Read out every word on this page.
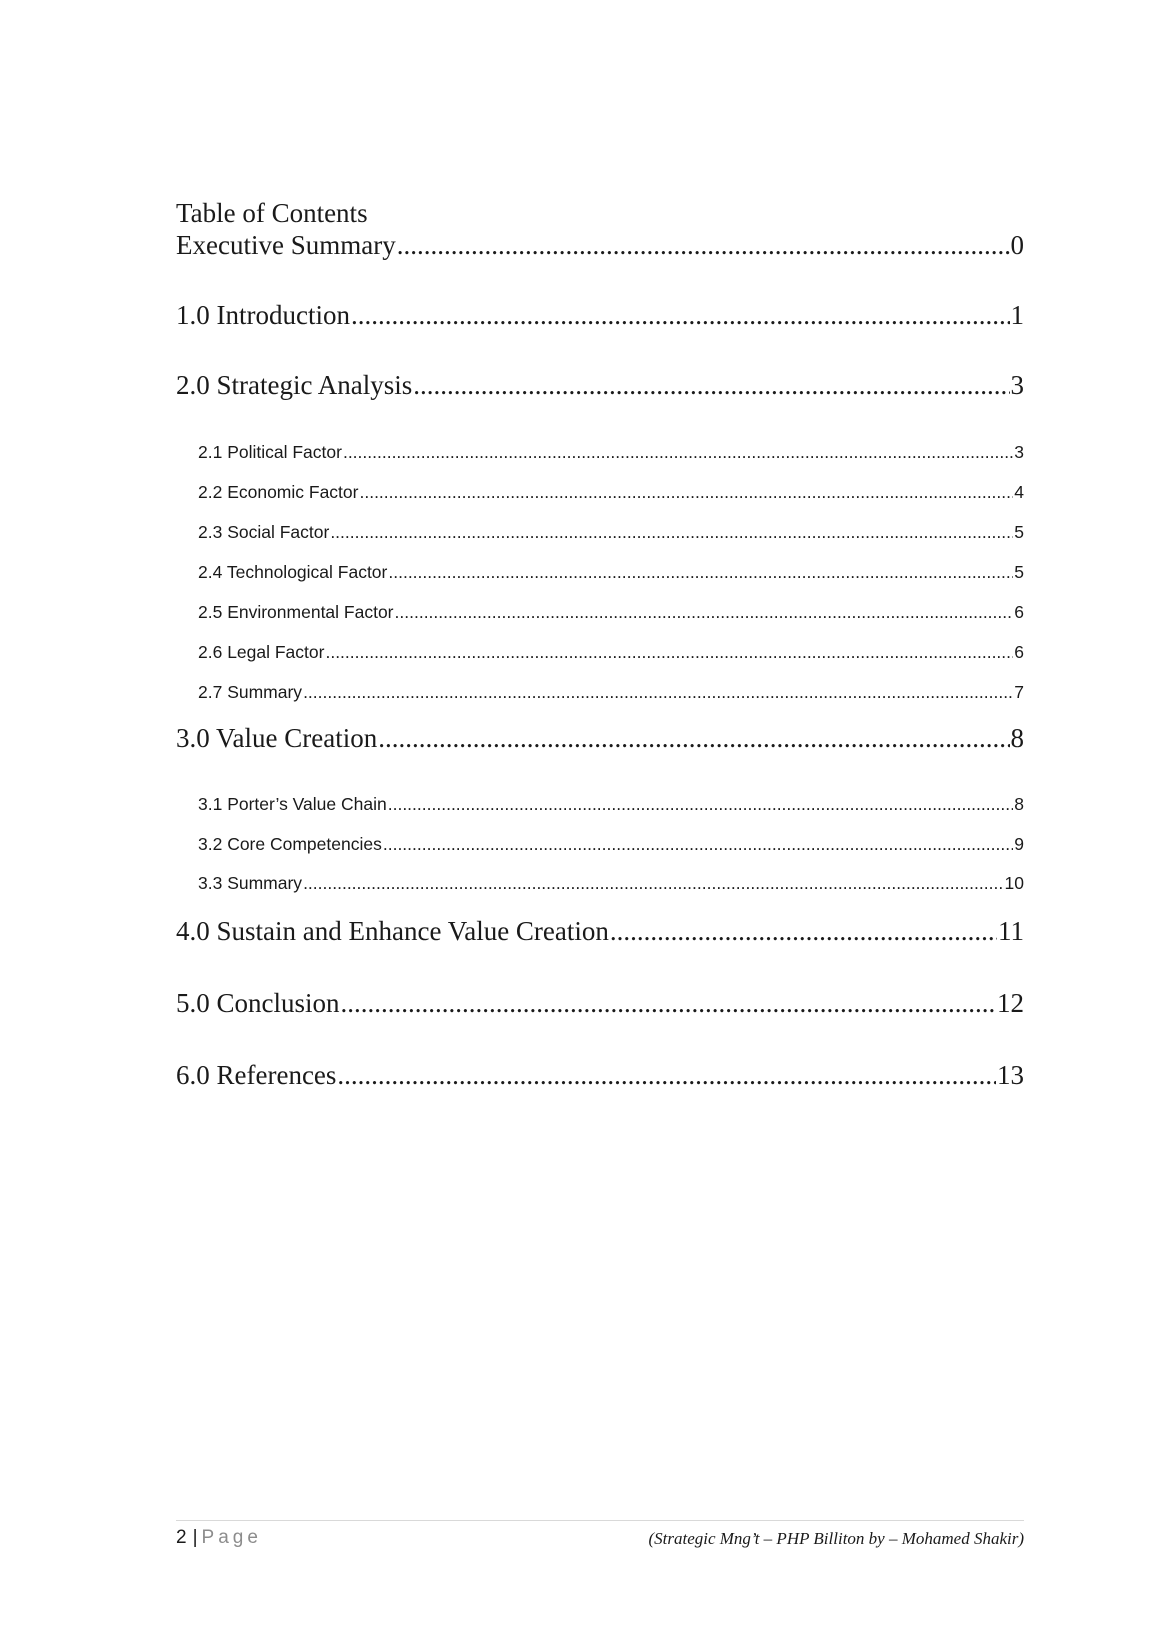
Table of Contents
Executive Summary .....	0
1.0 Introduction .....	1
2.0 Strategic Analysis .....	3
2.1 Political Factor .....	3
2.2 Economic Factor .....	4
2.3 Social Factor .....	5
2.4 Technological Factor .....	5
2.5 Environmental Factor .....	6
2.6 Legal Factor .....	6
2.7 Summary .....	7
3.0 Value Creation .....	8
3.1 Porter’s Value Chain .....	8
3.2 Core Competencies .....	9
3.3 Summary .....	10
4.0 Sustain and Enhance Value Creation .....	11
5.0 Conclusion .....	12
6.0 References .....	13
2 | Page	(Strategic Mng’t – PHP Billiton by – Mohamed Shakir)
